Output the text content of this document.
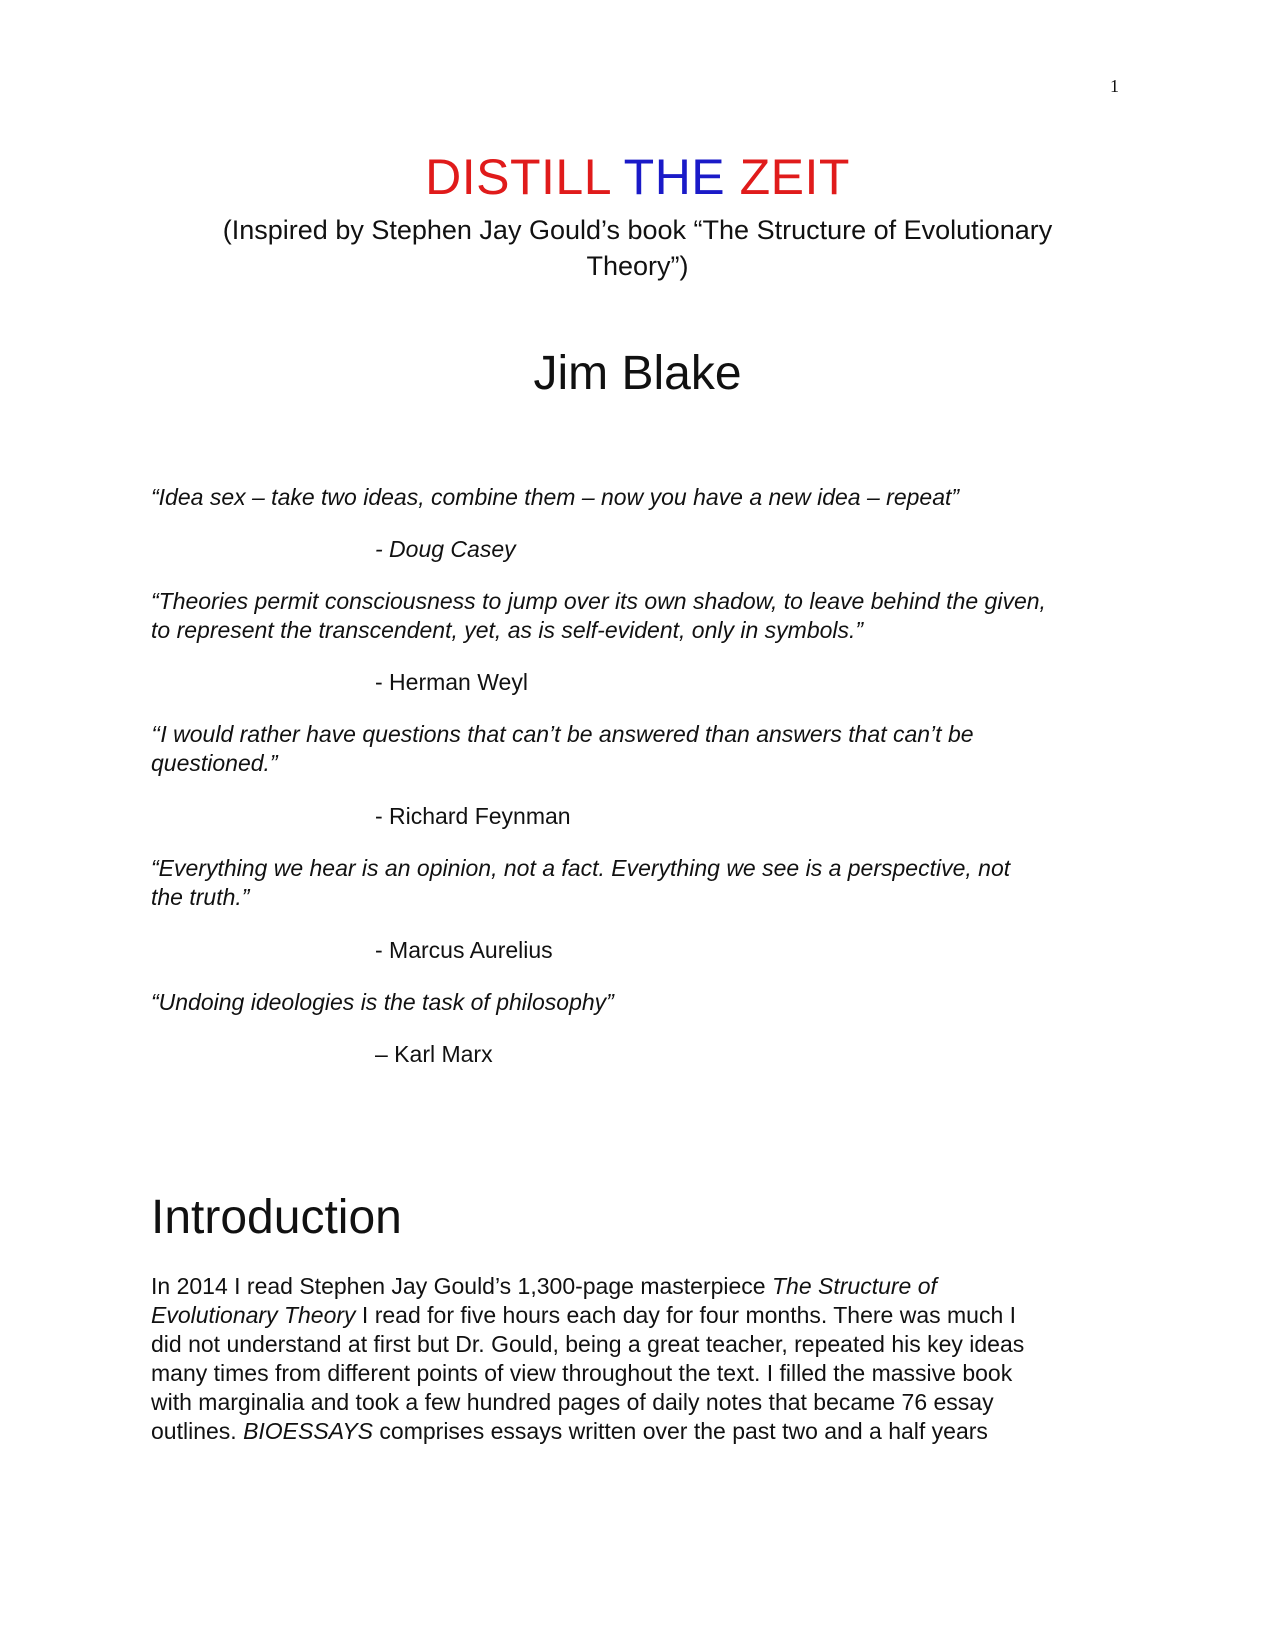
1
DISTILL THE ZEIT
(Inspired by Stephen Jay Gould’s book “The Structure of Evolutionary
Theory”)
Jim Blake
“Idea sex – take two ideas, combine them – now you have a new idea – repeat”
- Doug Casey
“Theories permit consciousness to jump over its own shadow, to leave behind the given,
to represent the transcendent, yet, as is self-evident, only in symbols.”
- Herman Weyl
‘‘I would rather have questions that can’t be answered than answers that can’t be
questioned.”
- Richard Feynman
“Everything we hear is an opinion, not a fact. Everything we see is a perspective, not
the truth.”
- Marcus Aurelius
“Undoing ideologies is the task of philosophy”
– Karl Marx
Introduction
In 2014 I read Stephen Jay Gould’s 1,300-page masterpiece The Structure of
Evolutionary Theory I read for five hours each day for four months. There was much I
did not understand at first but Dr. Gould, being a great teacher, repeated his key ideas
many times from different points of view throughout the text. I filled the massive book
with marginalia and took a few hundred pages of daily notes that became 76 essay
outlines. BIOESSAYS comprises essays written over the past two and a half years
